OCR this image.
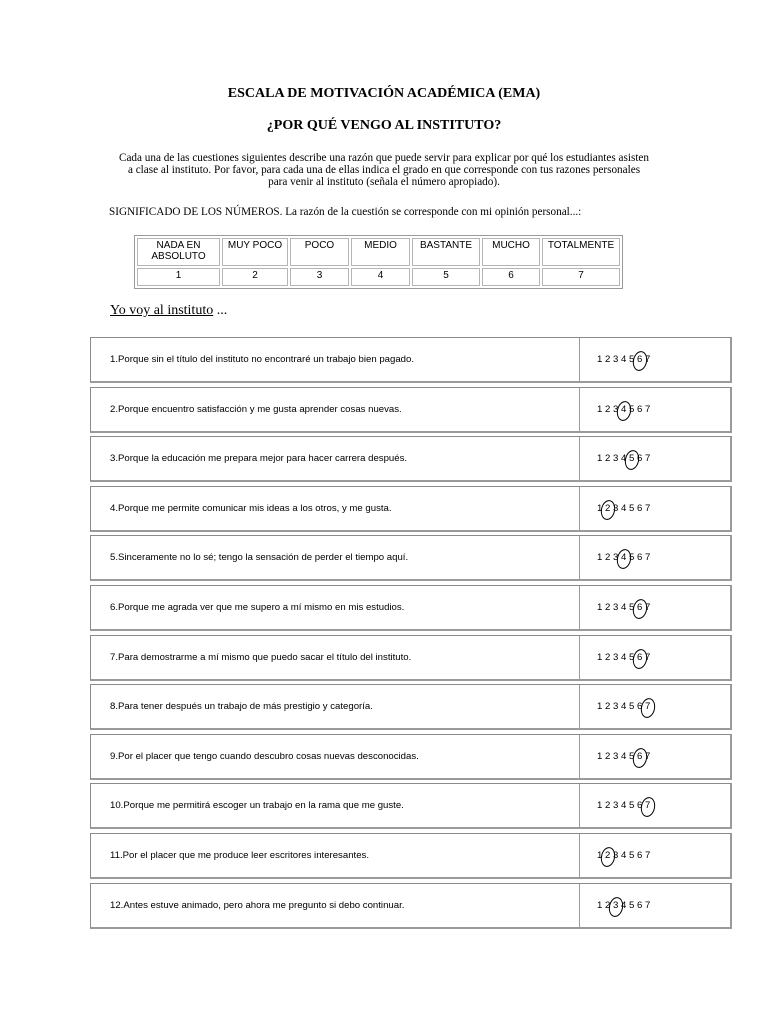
ESCALA DE MOTIVACIÓN ACADÉMICA (EMA)
¿POR QUÉ VENGO AL INSTITUTO?
Cada una de las cuestiones siguientes describe una razón que puede servir para explicar por qué los estudiantes asisten a clase al instituto. Por favor, para cada una de ellas indica el grado en que corresponde con tus razones personales para venir al instituto (señala el número apropiado).
SIGNIFICADO DE LOS NÚMEROS. La razón de la cuestión se corresponde con mi opinión personal...:
NADA EN ABSOLUTO	MUY POCO	POCO	MEDIO	BASTANTE	MUCHO	TOTALMENTE
1	2	3	4	5	6	7
Yo voy al instituto ...
1.Porque sin el título del instituto no encontraré un trabajo bien pagado.	1 2 3 4 5 6 7
2.Porque encuentro satisfacción y me gusta aprender cosas nuevas.	1 2 3 4 5 6 7
3.Porque la educación me prepara mejor para hacer carrera después.	1 2 3 4 5 6 7
4.Porque me permite comunicar mis ideas a los otros, y me gusta.	1 2 3 4 5 6 7
5.Sinceramente no lo sé; tengo la sensación de perder el tiempo aquí.	1 2 3 4 5 6 7
6.Porque me agrada ver que me supero a mí mismo en mis estudios.	1 2 3 4 5 6 7
7.Para demostrarme a mí mismo que puedo sacar el título del instituto.	1 2 3 4 5 6 7
8.Para tener después un trabajo de más prestigio y categoría.	1 2 3 4 5 6 7
9.Por el placer que tengo cuando descubro cosas nuevas desconocidas.	1 2 3 4 5 6 7
10.Porque me permitirá escoger un trabajo en la rama que me guste.	1 2 3 4 5 6 7
11.Por el placer que me produce leer escritores interesantes.	1 2 3 4 5 6 7
12.Antes estuve animado, pero ahora me pregunto si debo continuar.	1 2 3 4 5 6 7
